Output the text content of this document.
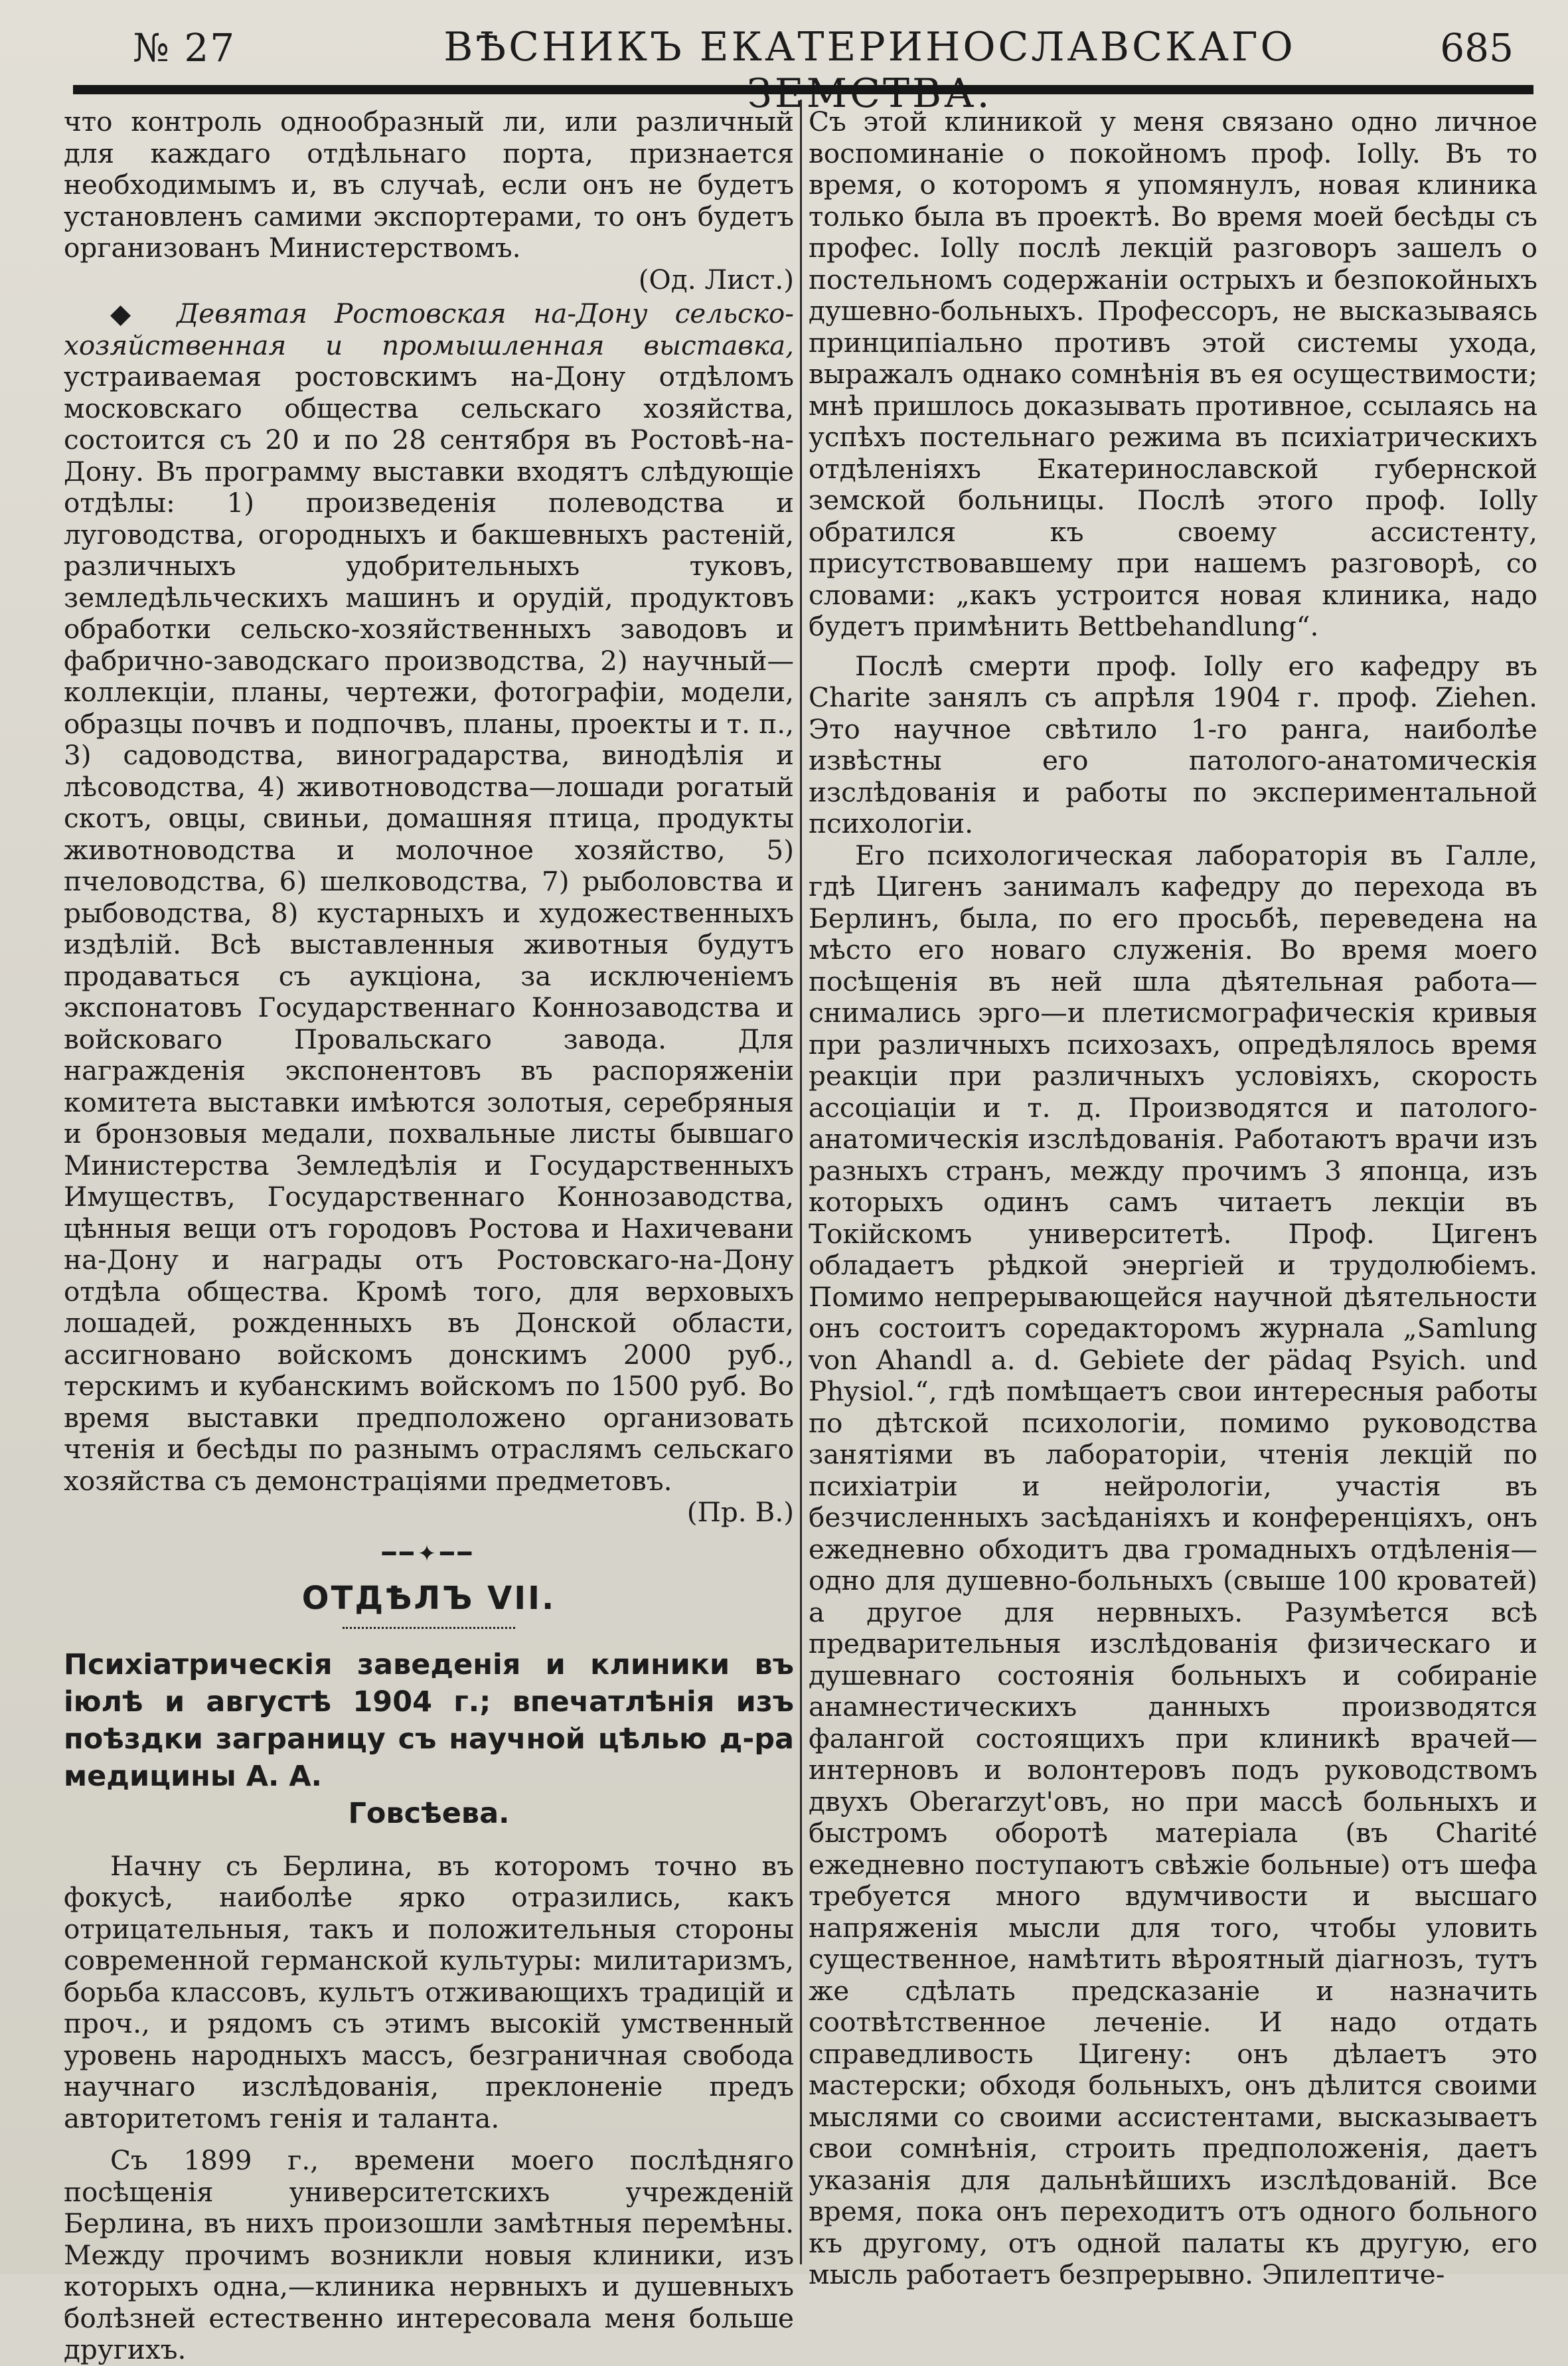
№ 27	ВѢСНИКЪ ЕКАТЕРИНОСЛАВСКАГО	685

что контроль однообразный ли, или различный для каждаго отдѣльнаго порта, признается необходимымъ и, въ случаѣ, если онъ не будетъ установленъ самими экспортерами, то онъ будетъ организованъ Министерствомъ.
(Од. Лист.)

◆ Девятая Ростовская на-Дону сельско-хозяйственная и промышленная выставка, устраиваемая ростовскимъ на-Дону отдѣломъ московскаго общества сельскаго хозяйства, состоится съ 20 и по 28 сентября въ Ростовѣ-на-Дону. Въ программу выставки входятъ слѣдующіе отдѣлы: 1) произведенія полеводства и луговодства, огородныхъ и бакшевныхъ растеній, различныхъ удобрительныхъ туковъ, земледѣльческихъ машинъ и орудій, продуктовъ обработки сельско-хозяйственныхъ заводовъ и фабрично-заводскаго производства, 2) научный—коллекціи, планы, чертежи, фотографіи, модели, образцы почвъ и подпочвъ, планы, проекты и т. п., 3) садоводства, виноградарства, винодѣлія и лѣсоводства, 4) животноводства—лошади рогатый скотъ, овцы, свиньи, домашняя птица, продукты животноводства и молочное хозяйство, 5) пчеловодства, 6) шелководства, 7) рыболовства и рыбоводства, 8) кустарныхъ и художественныхъ издѣлій. Всѣ выставленныя животныя будутъ продаваться съ аукціона, за исключеніемъ экспонатовъ Государственнаго Коннозаводства и войсковаго Провальскаго завода. Для награжденія экспонентовъ въ распоряженіи комитета выставки имѣются золотыя, серебряныя и бронзовыя медали, похвальные листы бывшаго Министерства Земледѣлія и Государственныхъ Имуществъ, Государственнаго Коннозаводства, цѣнныя вещи отъ городовъ Ростова и Нахичевани на-Дону и награды отъ Ростовскаго-на-Дону отдѣла общества. Кромѣ того, для верховыхъ лошадей, рожденныхъ въ Донской области, ассигновано войскомъ донскимъ 2000 руб., терскимъ и кубанскимъ войскомъ по 1500 руб. Во время выставки предположено организовать чтенія и бесѣды по разнымъ отраслямъ сельскаго хозяйства съ демонстраціями предметовъ.
(Пр. В.)

━━✦━━
ОТДѢЛЪ VII.
Психіатрическія заведенія и клиники въ іюлѣ и августѣ 1904 г.; впечатлѣнія изъ поѣздки заграницу съ научной цѣлью д-ра медицины А. А.
Говсѣева.

Начну съ Берлина, въ которомъ точно въ фокусѣ, наиболѣе ярко отразились, какъ отрицательныя, такъ и положительныя стороны современной германской культуры: милитаризмъ, борьба классовъ, культъ отживающихъ традицій и проч., и рядомъ съ этимъ высокій умственный уровень народныхъ массъ, безграничная свобода научнаго изслѣдованія, преклоненіе предъ авторитетомъ генія и таланта.

Съ 1899 г., времени моего послѣдняго посѣщенія университетскихъ учрежденій Берлина, въ нихъ произошли замѣтныя перемѣны. Между прочимъ возникли новыя клиники, изъ которыхъ одна,—клиника нервныхъ и душевныхъ болѣзней естественно интересовала меня больше другихъ.

Съ этой клиникой у меня связано одно личное воспоминаніе о покойномъ проф. Iolly. Въ то время, о которомъ я упомянулъ, новая клиника только была въ проектѣ. Во время моей бесѣды съ профес. Iolly послѣ лекцій разговоръ зашелъ о постельномъ содержаніи острыхъ и безпокойныхъ душевно-больныхъ. Профессоръ, не высказываясь принципіально противъ этой системы ухода, выражалъ однако сомнѣнія въ ея осуществимости; мнѣ пришлось доказывать противное, ссылаясь на успѣхъ постельнаго режима въ психіатрическихъ отдѣленіяхъ Екатеринославской губернской земской больницы. Послѣ этого проф. Iolly обратился къ своему ассистенту, присутствовавшему при нашемъ разговорѣ, со словами: „какъ устроится новая клиника, надо будетъ примѣнить Bettbehandlung“.

Послѣ смерти проф. Iolly его кафедру въ Charite занялъ съ апрѣля 1904 г. проф. Ziehen. Это научное свѣтило 1-го ранга, наиболѣе извѣстны его патолого-анатомическія изслѣдованія и работы по экспериментальной психологіи.

Его психологическая лабораторія въ Галле, гдѣ Цигенъ занималъ кафедру до перехода въ Берлинъ, была, по его просьбѣ, переведена на мѣсто его новаго служенія. Во время моего посѣщенія въ ней шла дѣятельная работа—снимались эрго—и плетисмографическія кривыя при различныхъ психозахъ, опредѣлялось время реакціи при различныхъ условіяхъ, скорость ассоціаціи и т. д. Производятся и патолого-анатомическія изслѣдованія. Работаютъ врачи изъ разныхъ странъ, между прочимъ 3 японца, изъ которыхъ одинъ самъ читаетъ лекціи въ Токійскомъ университетѣ. Проф. Цигенъ обладаетъ рѣдкой энергіей и трудолюбіемъ. Помимо непрерывающейся научной дѣятельности онъ состоитъ соредакторомъ журнала „Samlung von Ahandl a. d. Gebiete der pädaq Psyich. und Physiol.“, гдѣ помѣщаетъ свои интересныя работы по дѣтской психологіи, помимо руководства занятіями въ лабораторіи, чтенія лекцій по психіатріи и нейрологіи, участія въ безчисленныхъ засѣданіяхъ и конференціяхъ, онъ ежедневно обходитъ два громадныхъ отдѣленія—одно для душевно-больныхъ (свыше 100 кроватей) а другое для нервныхъ. Разумѣется всѣ предварительныя изслѣдованія физическаго и душевнаго состоянія больныхъ и собираніе анамнестическихъ данныхъ производятся фалангой состоящихъ при клиникѣ врачей—интерновъ и волонтеровъ подъ руководствомъ двухъ Oberarzyt'овъ, но при массѣ больныхъ и быстромъ оборотѣ матеріала (въ Charité ежедневно поступаютъ свѣжіе больные) отъ шефа требуется много вдумчивости и высшаго напряженія мысли для того, чтобы уловить существенное, намѣтить вѣроятный діагнозъ, тутъ же сдѣлать предсказаніе и назначить соотвѣтственное леченіе. И надо отдать справедливость Цигену: онъ дѣлаетъ это мастерски; обходя больныхъ, онъ дѣлится своими мыслями со своими ассистентами, высказываетъ свои сомнѣнія, строить предположенія, даетъ указанія для дальнѣйшихъ изслѣдованій. Все время, пока онъ переходитъ отъ одного больного къ другому, отъ одной палаты къ другую, его мысль работаетъ безпрерывно. Эпилептиче-
